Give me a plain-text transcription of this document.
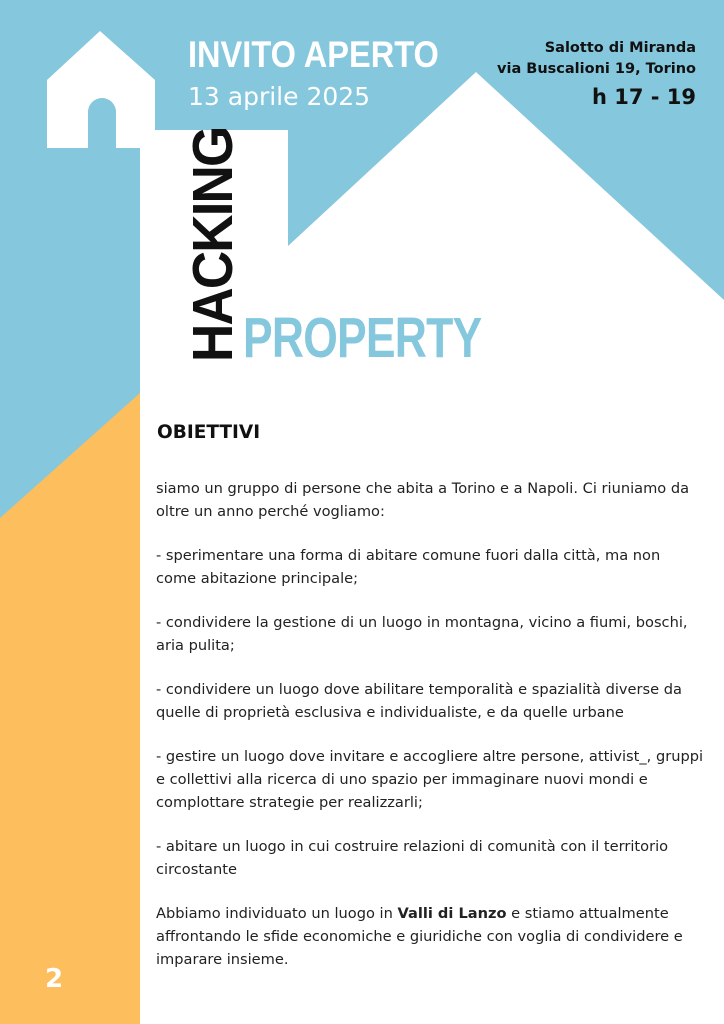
INVITO APERTO
13 aprile 2025
Salotto di Miranda
via Buscalioni 19, Torino
h 17 - 19
HACKING
PROPERTY
OBIETTIVI

siamo un gruppo di persone che abita a Torino e a Napoli. Ci riuniamo da oltre un anno perché vogliamo:

- sperimentare una forma di abitare comune fuori dalla città, ma non come abitazione principale;

- condividere la gestione di un luogo in montagna, vicino a fiumi, boschi, aria pulita;

- condividere un luogo dove abilitare temporalità e spazialità diverse da quelle di proprietà esclusiva e individualiste, e da quelle urbane

- gestire un luogo dove invitare e accogliere altre persone, attivist_, gruppi e collettivi alla ricerca di uno spazio per immaginare nuovi mondi e complottare strategie per realizzarli;

- abitare un luogo in cui costruire relazioni di comunità con il territorio circostante

Abbiamo individuato un luogo in Valli di Lanzo e stiamo attualmente affrontando le sfide economiche e giuridiche con voglia di condividere e imparare insieme.

2
